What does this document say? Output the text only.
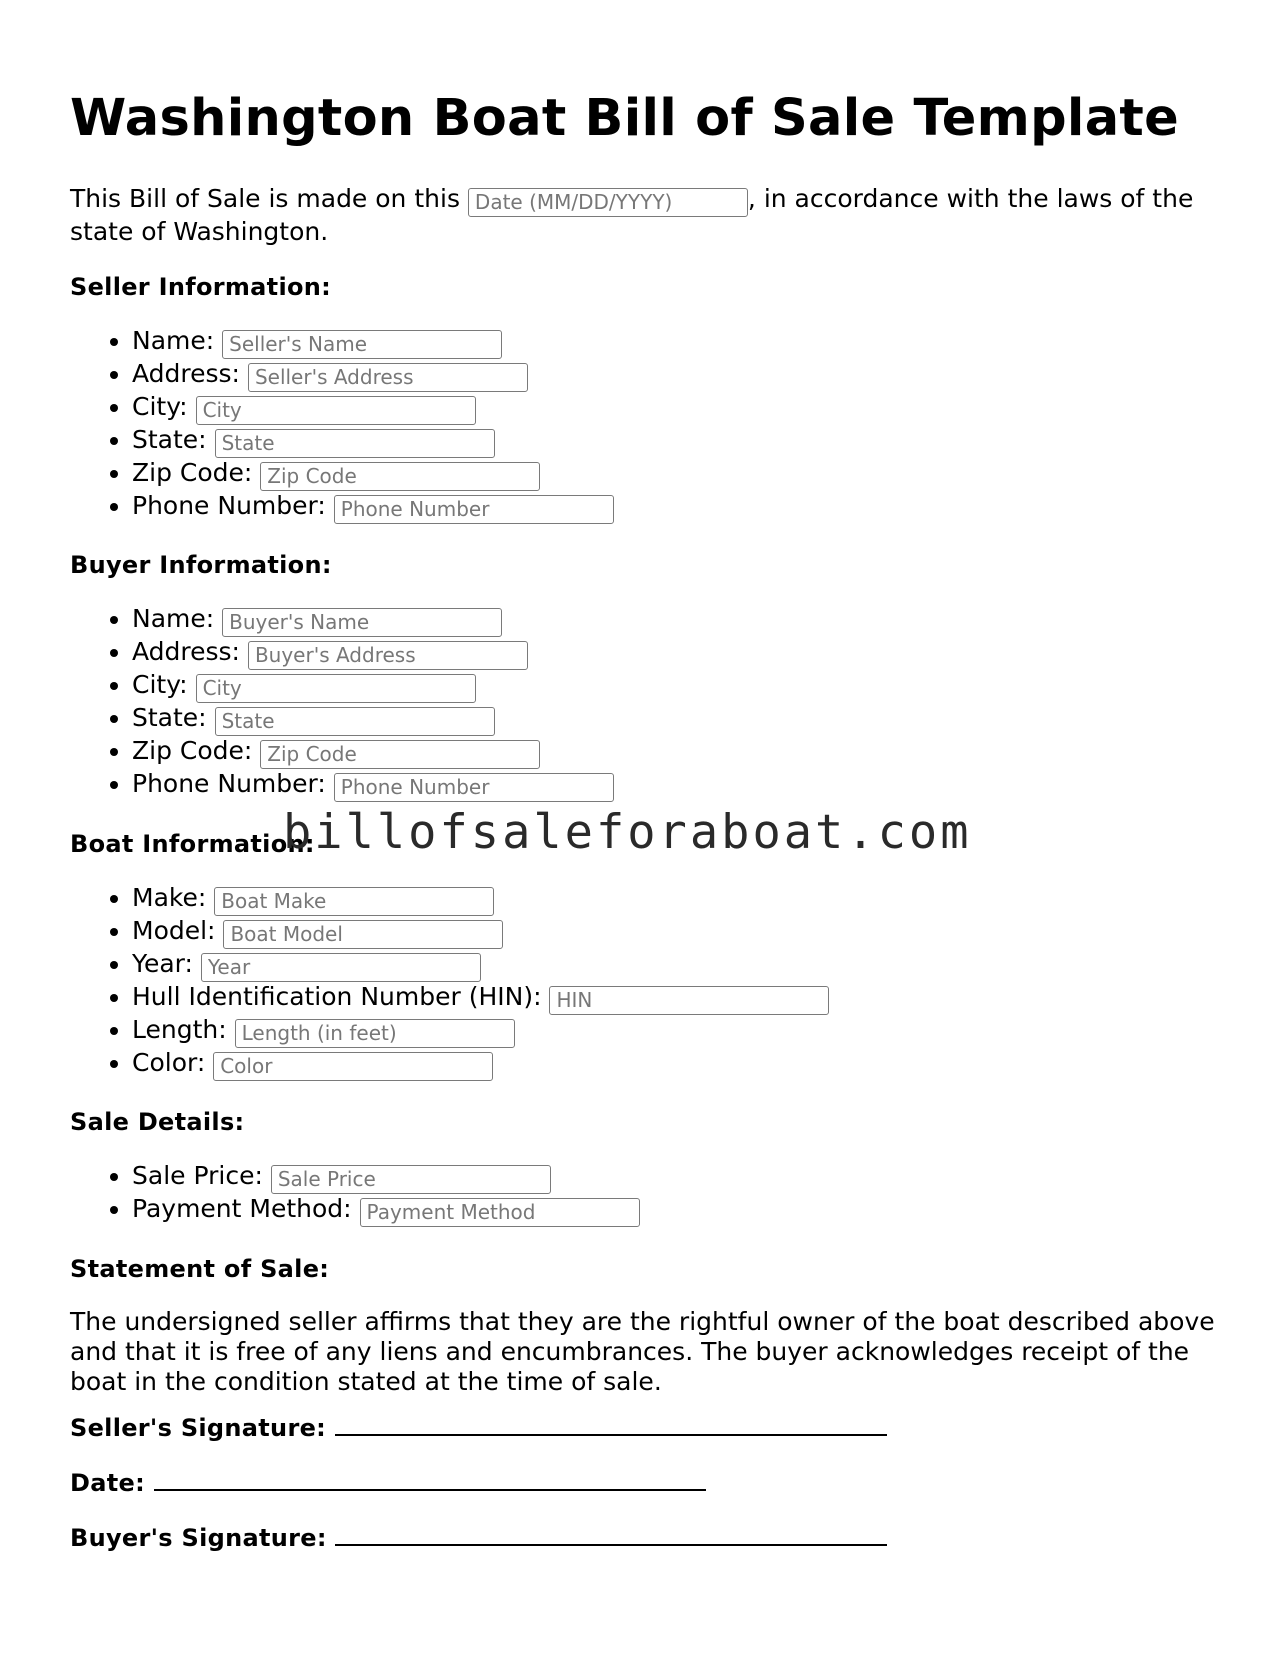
Washington Boat Bill of Sale Template
This Bill of Sale is made on this Date (MM/DD/YYYY)	, in accordance with the laws of the state of Washington.
Seller Information:
• Name: Seller's Name
• Address: Seller's Address
• City: City
• State: State
• Zip Code: Zip Code
• Phone Number: Phone Number
Buyer Information:
• Name: Buyer's Name
• Address: Buyer's Address
• City: City
• State: State
• Zip Code: Zip Code
• Phone Number: Phone Number
Boat Information:
• Make: Boat Make
• Model: Boat Model
• Year: Year
• Hull Identification Number (HIN): HIN
• Length: Length (in feet)
• Color: Color
Sale Details:
• Sale Price: Sale Price
• Payment Method: Payment Method
Statement of Sale:

The undersigned seller affirms that they are the rightful owner of the boat described above and that it is free of any liens and encumbrances. The buyer acknowledges receipt of the boat in the condition stated at the time of sale.

Seller's Signature:
Date:
Buyer's Signature:
billofsaleforaboat.com
